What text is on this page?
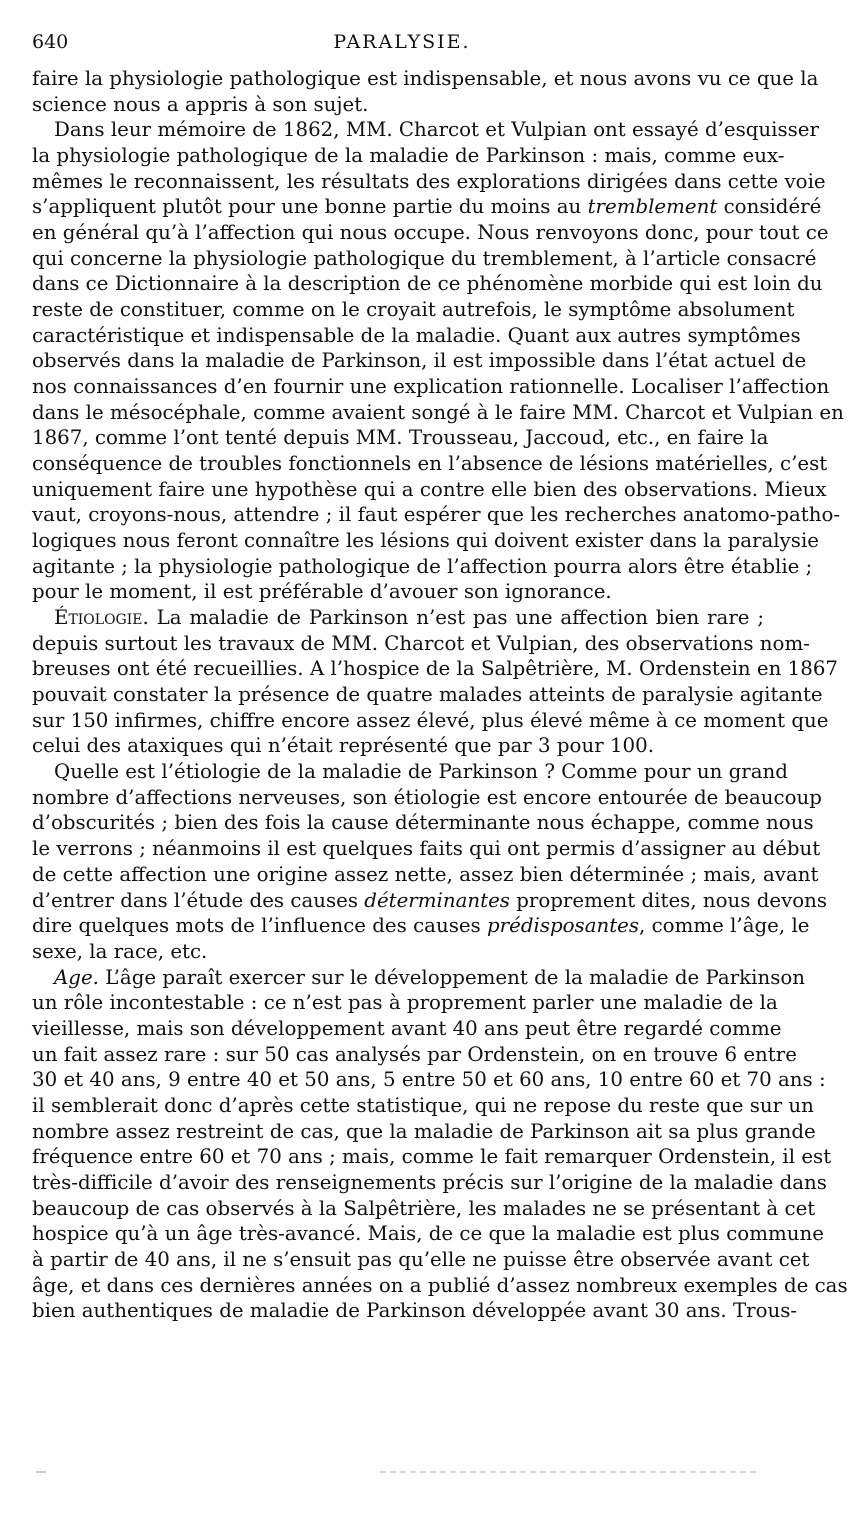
640	PARALYSIE.
faire la physiologie pathologique est indispensable, et nous avons vu ce que la
science nous a appris à son sujet.
Dans leur mémoire de 1862, MM. Charcot et Vulpian ont essayé d’esquisser
la physiologie pathologique de la maladie de Parkinson : mais, comme eux-
mêmes le reconnaissent, les résultats des explorations dirigées dans cette voie
s’appliquent plutôt pour une bonne partie du moins au tremblement considéré
en général qu’à l’affection qui nous occupe. Nous renvoyons donc, pour tout ce
qui concerne la physiologie pathologique du tremblement, à l’article consacré
dans ce Dictionnaire à la description de ce phénomène morbide qui est loin du
reste de constituer, comme on le croyait autrefois, le symptôme absolument
caractéristique et indispensable de la maladie. Quant aux autres symptômes
observés dans la maladie de Parkinson, il est impossible dans l’état actuel de
nos connaissances d’en fournir une explication rationnelle. Localiser l’affection
dans le mésocéphale, comme avaient songé à le faire MM. Charcot et Vulpian en
1867, comme l’ont tenté depuis MM. Trousseau, Jaccoud, etc., en faire la
conséquence de troubles fonctionnels en l’absence de lésions matérielles, c’est
uniquement faire une hypothèse qui a contre elle bien des observations. Mieux
vaut, croyons-nous, attendre ; il faut espérer que les recherches anatomo-patho-
logiques nous feront connaître les lésions qui doivent exister dans la paralysie
agitante ; la physiologie pathologique de l’affection pourra alors être établie ;
pour le moment, il est préférable d’avouer son ignorance.
Étiologie. La maladie de Parkinson n’est pas une affection bien rare ;
depuis surtout les travaux de MM. Charcot et Vulpian, des observations nom-
breuses ont été recueillies. A l’hospice de la Salpêtrière, M. Ordenstein en 1867
pouvait constater la présence de quatre malades atteints de paralysie agitante
sur 150 infirmes, chiffre encore assez élevé, plus élevé même à ce moment que
celui des ataxiques qui n’était représenté que par 3 pour 100.
Quelle est l’étiologie de la maladie de Parkinson ? Comme pour un grand
nombre d’affections nerveuses, son étiologie est encore entourée de beaucoup
d’obscurités ; bien des fois la cause déterminante nous échappe, comme nous
le verrons ; néanmoins il est quelques faits qui ont permis d’assigner au début
de cette affection une origine assez nette, assez bien déterminée ; mais, avant
d’entrer dans l’étude des causes déterminantes proprement dites, nous devons
dire quelques mots de l’influence des causes prédisposantes, comme l’âge, le
sexe, la race, etc.
Age. L’âge paraît exercer sur le développement de la maladie de Parkinson
un rôle incontestable : ce n’est pas à proprement parler une maladie de la
vieillesse, mais son développement avant 40 ans peut être regardé comme
un fait assez rare : sur 50 cas analysés par Ordenstein, on en trouve 6 entre
30 et 40 ans, 9 entre 40 et 50 ans, 5 entre 50 et 60 ans, 10 entre 60 et 70 ans :
il semblerait donc d’après cette statistique, qui ne repose du reste que sur un
nombre assez restreint de cas, que la maladie de Parkinson ait sa plus grande
fréquence entre 60 et 70 ans ; mais, comme le fait remarquer Ordenstein, il est
très-difficile d’avoir des renseignements précis sur l’origine de la maladie dans
beaucoup de cas observés à la Salpêtrière, les malades ne se présentant à cet
hospice qu’à un âge très-avancé. Mais, de ce que la maladie est plus commune
à partir de 40 ans, il ne s’ensuit pas qu’elle ne puisse être observée avant cet
âge, et dans ces dernières années on a publié d’assez nombreux exemples de cas
bien authentiques de maladie de Parkinson développée avant 30 ans. Trous-
